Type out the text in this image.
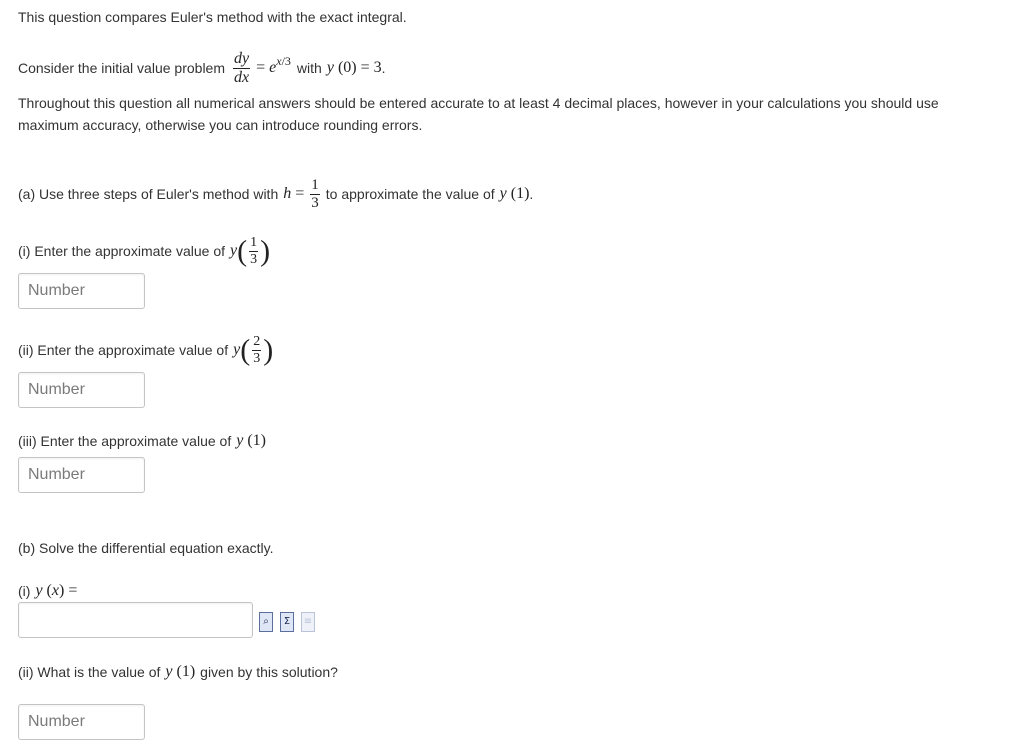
This question compares Euler's method with the exact integral.
Consider the initial value problem $\frac{dy}{dx} = e^{x/3}$ with y (0) = 3 .
Throughout this question all numerical answers should be entered accurate to at least 4 decimal places, however in your calculations you should use
maximum accuracy, otherwise you can introduce rounding errors.
(a) Use three steps of Euler's method with $h = \frac{1}{3}$ to approximate the value of y (1) .
(i) Enter the approximate value of $y( \frac{1}{3}$ )
Number
(ii) Enter the approximate value of $y( \frac{2}{3}$ )
Number
(iii) Enter the approximate value of y (1)
Number
(b) Solve the differential equation exactly.
(i) y (x) =
⌕	Σ	≡
(ii) What is the value of y (1) given by this solution?
Number
